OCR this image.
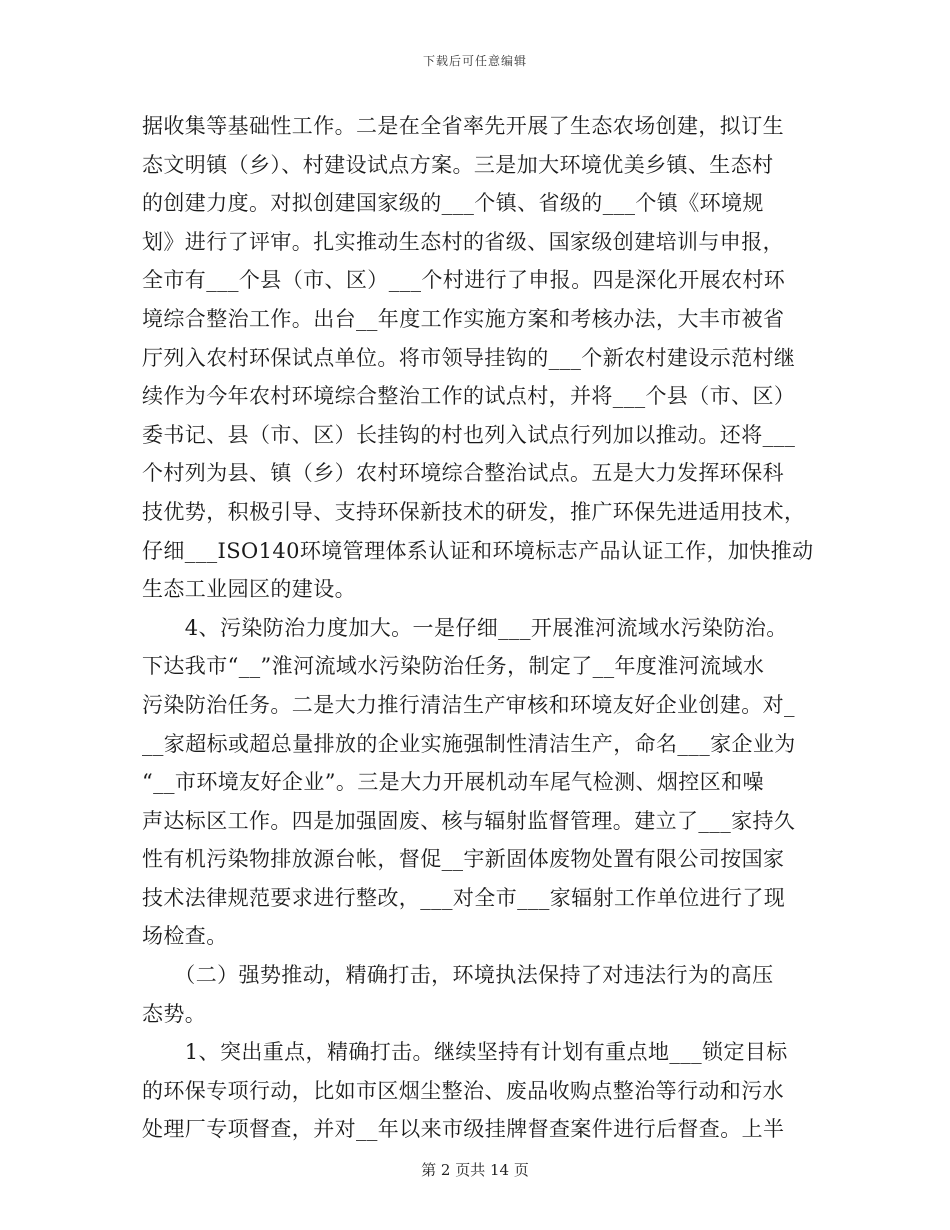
下载后可任意编辑
据收集等基础性工作。二是在全省率先开展了生态农场创建，拟订生
态文明镇（乡）、村建设试点方案。三是加大环境优美乡镇、生态村
的创建力度。对拟创建国家级的___个镇、省级的___个镇《环境规
划》进行了评审。扎实推动生态村的省级、国家级创建培训与申报，
全市有___个县（市、区）___个村进行了申报。四是深化开展农村环
境综合整治工作。出台__年度工作实施方案和考核办法，大丰市被省
厅列入农村环保试点单位。将市领导挂钩的___个新农村建设示范村继
续作为今年农村环境综合整治工作的试点村，并将___个县（市、区）
委书记、县（市、区）长挂钩的村也列入试点行列加以推动。还将___
个村列为县、镇（乡）农村环境综合整治试点。五是大力发挥环保科
技优势，积极引导、支持环保新技术的研发，推广环保先进适用技术，
仔细___ISO140环境管理体系认证和环境标志产品认证工作，加快推动
生态工业园区的建设。
　　4、污染防治力度加大。一是仔细___开展淮河流域水污染防治。
下达我市“__”淮河流域水污染防治任务，制定了__年度淮河流域水
污染防治任务。二是大力推行清洁生产审核和环境友好企业创建。对_
__家超标或超总量排放的企业实施强制性清洁生产，命名___家企业为
“__市环境友好企业”。三是大力开展机动车尾气检测、烟控区和噪
声达标区工作。四是加强固废、核与辐射监督管理。建立了___家持久
性有机污染物排放源台帐，督促__宇新固体废物处置有限公司按国家
技术法律规范要求进行整改，___对全市___家辐射工作单位进行了现
场检查。
　　（二）强势推动，精确打击，环境执法保持了对违法行为的高压
态势。
　　1、突出重点，精确打击。继续坚持有计划有重点地___锁定目标
的环保专项行动，比如市区烟尘整治、废品收购点整治等行动和污水
处理厂专项督查，并对__年以来市级挂牌督查案件进行后督查。上半
第 2 页共 14 页
